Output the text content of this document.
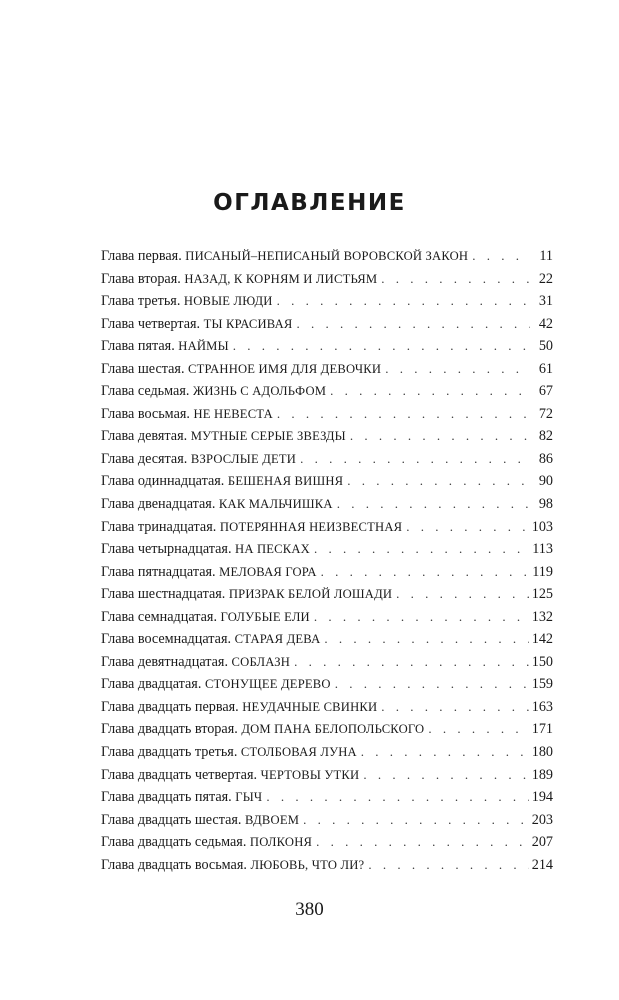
ОГЛАВЛЕНИЕ
Глава первая . ПИСАНЫЙ–НЕПИСАНЫЙ ВОРОВСКОЙ ЗАКОН . . .	11
Глава вторая . НАЗАД, К КОРНЯМ И ЛИСТЬЯМ . . .	22
Глава третья . НОВЫЕ ЛЮДИ . . .	31
Глава четвертая . ТЫ КРАСИВАЯ . . .	42
Глава пятая . НАЙМЫ . . .	50
Глава шестая . СТРАННОЕ ИМЯ ДЛЯ ДЕВОЧКИ . . .	61
Глава седьмая . ЖИЗНЬ С АДОЛЬФОМ . . .	67
Глава восьмая . НЕ НЕВЕСТА . . .	72
Глава девятая . МУТНЫЕ СЕРЫЕ ЗВЕЗДЫ . . .	82
Глава десятая . ВЗРОСЛЫЕ ДЕТИ . . .	86
Глава одиннадцатая . БЕШЕНАЯ ВИШНЯ . . .	90
Глава двенадцатая . КАК МАЛЬЧИШКА . . .	98
Глава тринадцатая . ПОТЕРЯННАЯ НЕИЗВЕСТНАЯ . . .	103
Глава четырнадцатая . НА ПЕСКАХ . . .	113
Глава пятнадцатая . МЕЛОВАЯ ГОРА . . .	119
Глава шестнадцатая . ПРИЗРАК БЕЛОЙ ЛОШАДИ . . .	125
Глава семнадцатая . ГОЛУБЫЕ ЕЛИ . . .	132
Глава восемнадцатая . СТАРАЯ ДЕВА . . .	142
Глава девятнадцатая . СОБЛАЗН . . .	150
Глава двадцатая . СТОНУЩЕЕ ДЕРЕВО . . .	159
Глава двадцать первая . НЕУДАЧНЫЕ СВИНКИ . . .	163
Глава двадцать вторая . ДОМ ПАНА БЕЛОПОЛЬСКОГО . . .	171
Глава двадцать третья . СТОЛБОВАЯ ЛУНА . . .	180
Глава двадцать четвертая . ЧЕРТОВЫ УТКИ . . .	189
Глава двадцать пятая . ГЫЧ . . .	194
Глава двадцать шестая . ВДВОЕМ . . .	203
Глава двадцать седьмая . ПОЛКОНЯ . . .	207
Глава двадцать восьмая . ЛЮБОВЬ, ЧТО ЛИ? . . .	214
380
